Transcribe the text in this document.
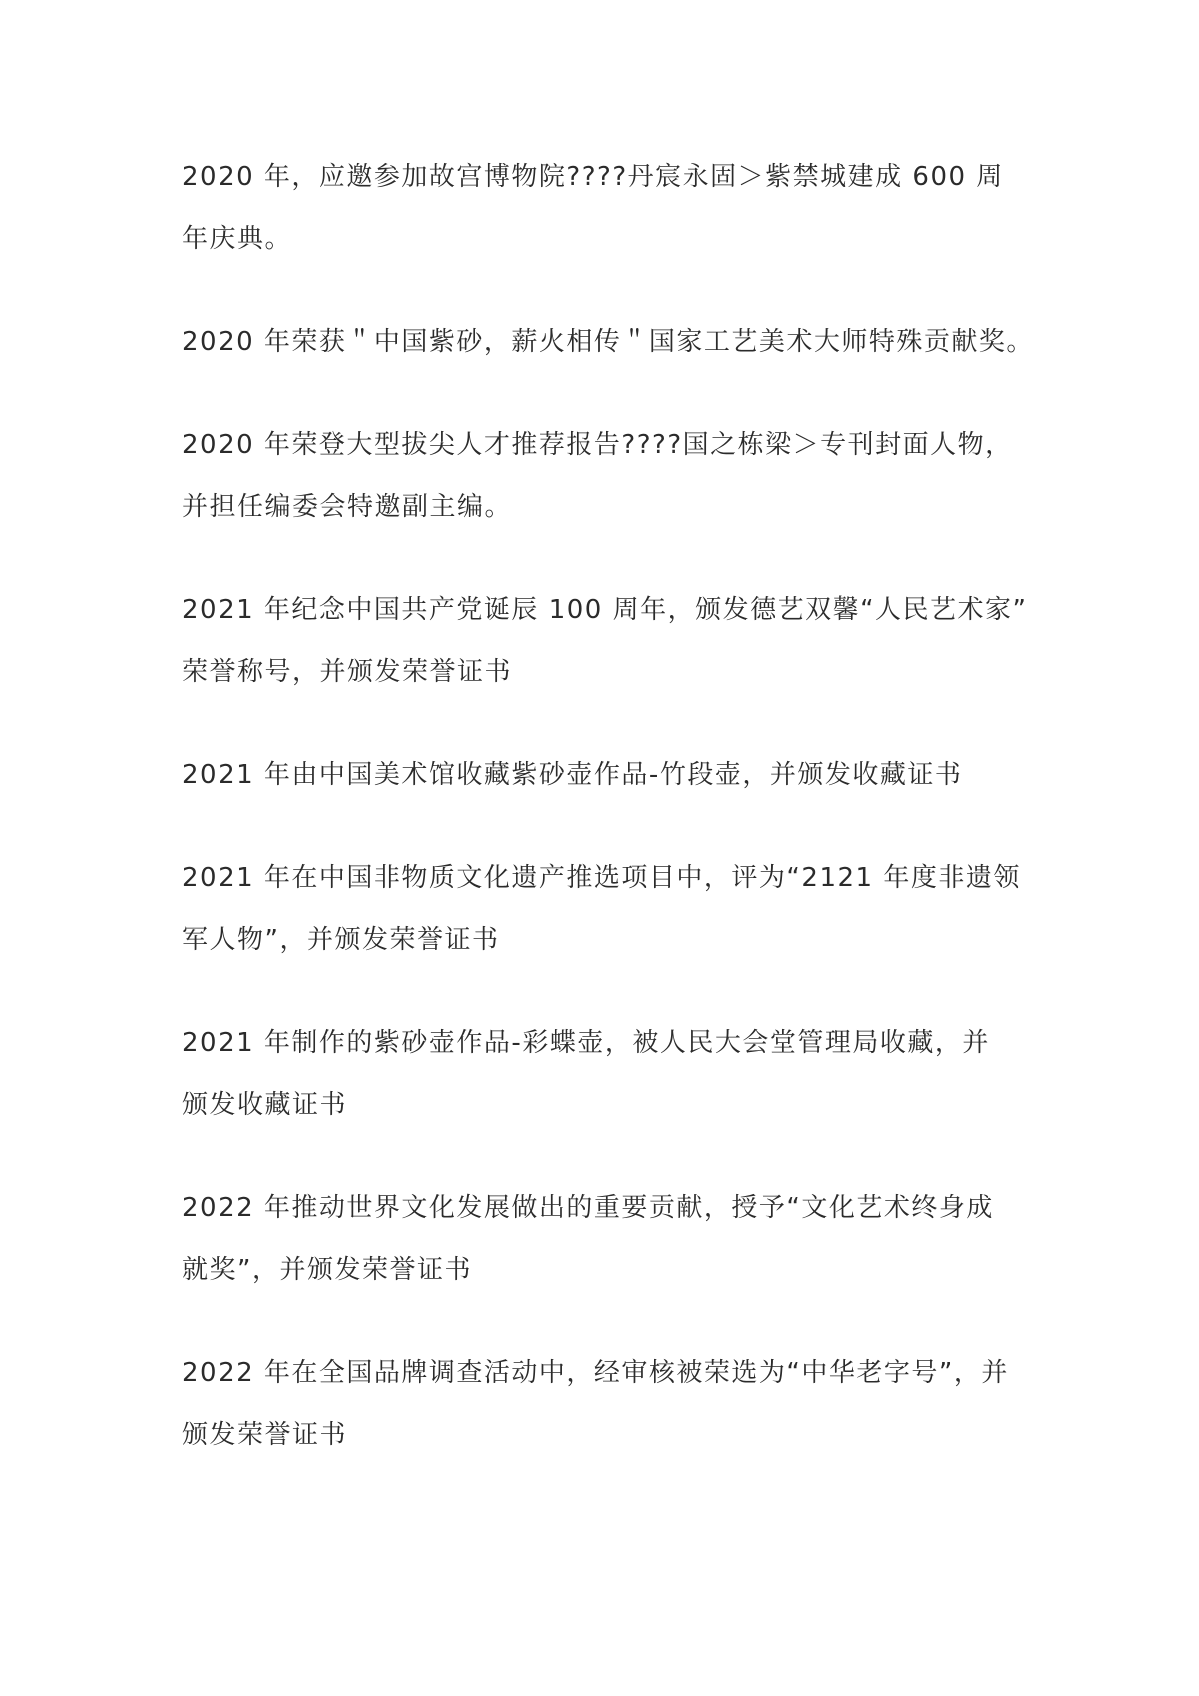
2020 年，应邀参加故宫博物院????丹宸永固＞紫禁城建成 600 周
年庆典。

2020 年荣获＂中国紫砂，薪火相传＂国家工艺美术大师特殊贡献奖。

2020 年荣登大型拔尖人才推荐报告????国之栋梁＞专刊封面人物，
并担任编委会特邀副主编。

2021 年纪念中国共产党诞辰 100 周年，颁发德艺双馨“人民艺术家”
荣誉称号，并颁发荣誉证书

2021 年由中国美术馆收藏紫砂壶作品-竹段壶，并颁发收藏证书

2021 年在中国非物质文化遗产推选项目中，评为“2121 年度非遗领
军人物”，并颁发荣誉证书

2021 年制作的紫砂壶作品-彩蝶壶，被人民大会堂管理局收藏，并
颁发收藏证书

2022 年推动世界文化发展做出的重要贡献，授予“文化艺术终身成
就奖”，并颁发荣誉证书

2022 年在全国品牌调查活动中，经审核被荣选为“中华老字号”，并
颁发荣誉证书
